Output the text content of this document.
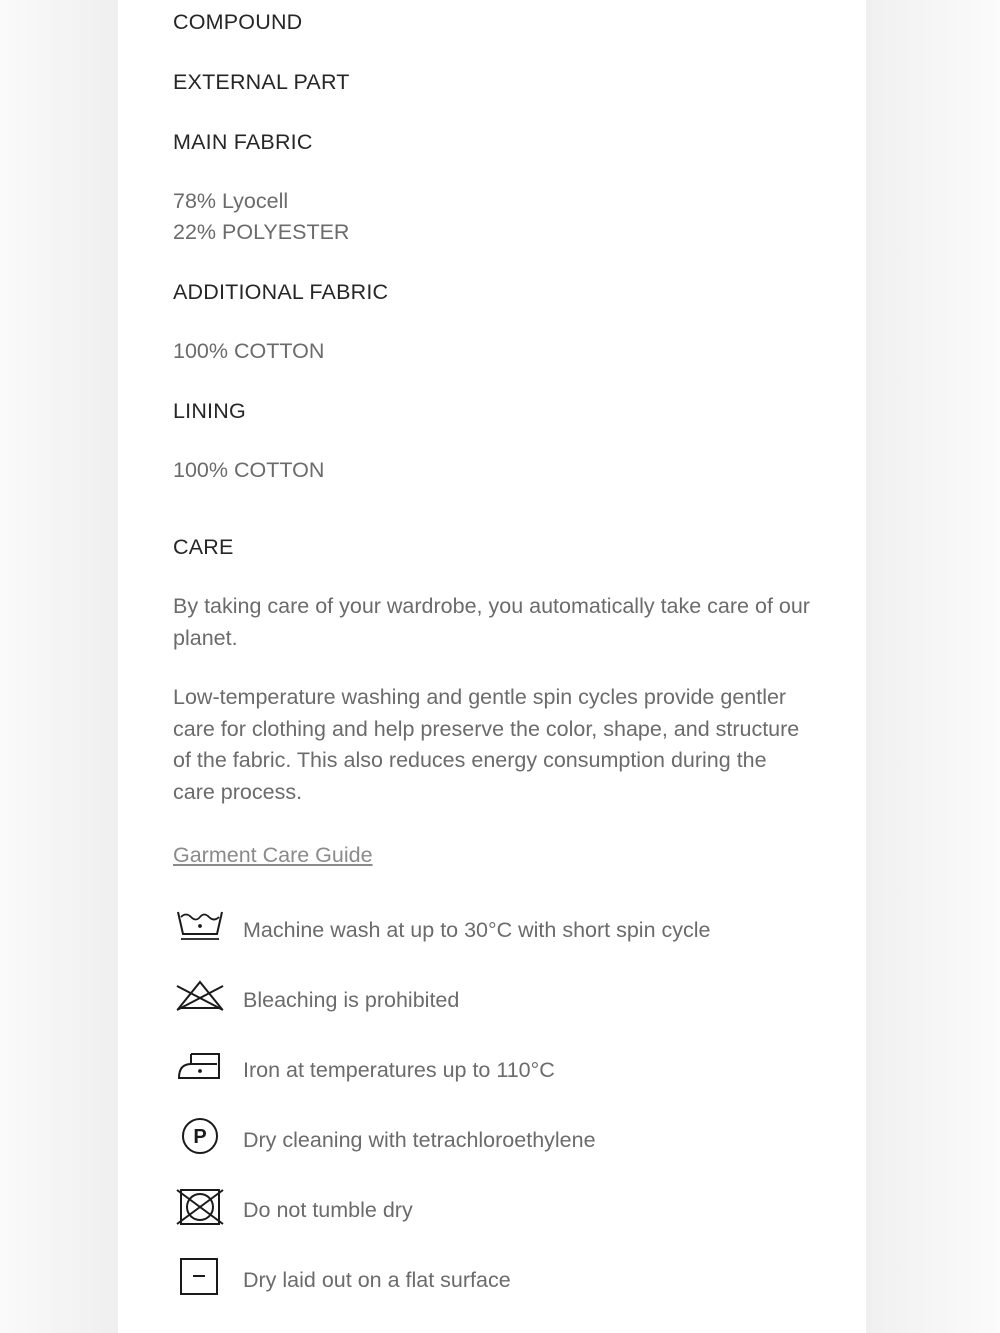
COMPOUND

EXTERNAL PART

MAIN FABRIC

78% Lyocell

22% POLYESTER

ADDITIONAL FABRIC

100% COTTON

LINING

100% COTTON

CARE

By taking care of your wardrobe, you automatically take care of our planet.

Low-temperature washing and gentle spin cycles provide gentler care for clothing and help preserve the color, shape, and structure of the fabric. This also reduces energy consumption during the care process.

Garment Care Guide
Machine wash at up to 30°C with short spin cycle
Bleaching is prohibited
Iron at temperatures up to 110°C
P Dry cleaning with tetrachloroethylene
Do not tumble dry
Dry laid out on a flat surface
